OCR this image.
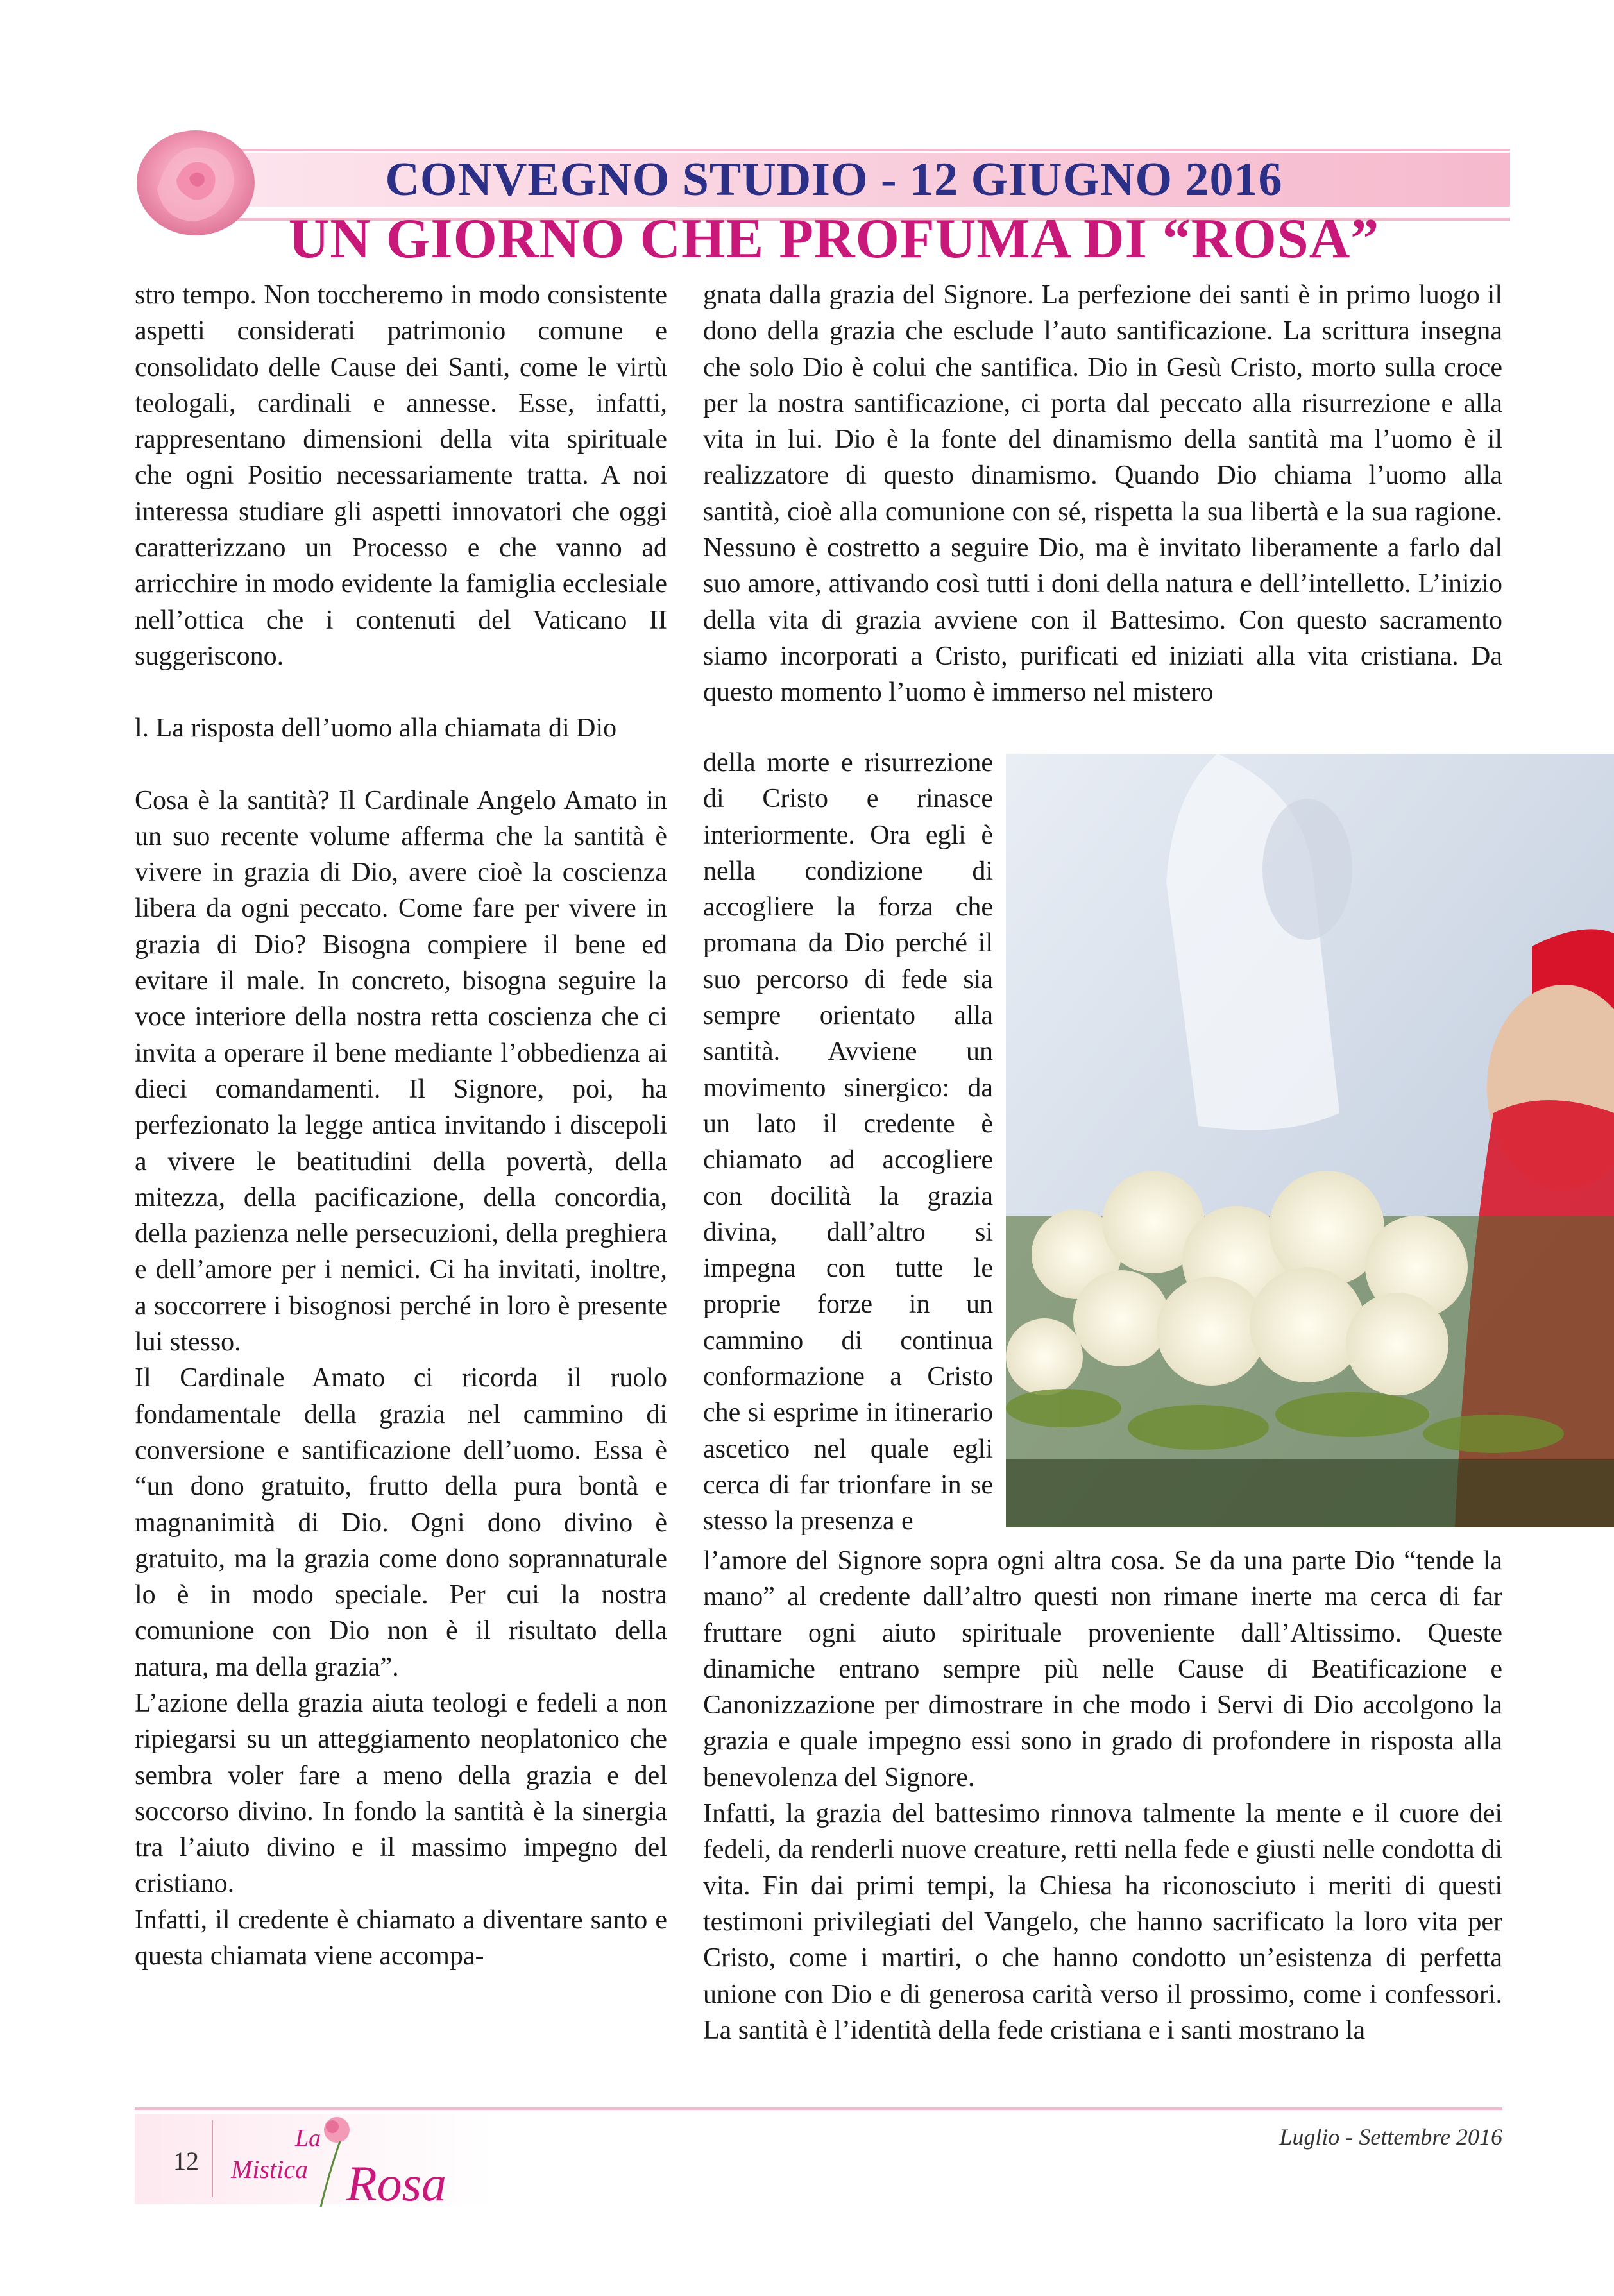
CONVEGNO STUDIO - 12 GIUGNO 2016
UN GIORNO CHE PROFUMA DI “ROSA”

stro tempo. Non toccheremo in modo consistente aspetti considerati patrimonio comune e consolidato delle Cause dei Santi, come le virtù teologali, cardinali e annesse. Esse, infatti, rappresentano dimensioni della vita spirituale che ogni Positio necessariamente tratta. A noi interessa studiare gli aspetti innovatori che oggi caratterizzano un Processo e che vanno ad arricchire in modo evidente la famiglia ecclesiale nell’ottica che i contenuti del Vaticano II suggeriscono.

l. La risposta dell’uomo alla chiamata di Dio

Cosa è la santità? Il Cardinale Angelo Amato in un suo recente volume afferma che la santità è vivere in grazia di Dio, avere cioè la coscienza libera da ogni peccato. Come fare per vivere in grazia di Dio? Bisogna compiere il bene ed evitare il male. In concreto, bisogna seguire la voce interiore della nostra retta coscienza che ci invita a operare il bene mediante l’obbedienza ai dieci comandamenti. Il Signore, poi, ha perfezionato la legge antica invitando i discepoli a vivere le beatitudini della povertà, della mitezza, della pacificazione, della concordia, della pazienza nelle persecuzioni, della preghiera e dell’amore per i nemici. Ci ha invitati, inoltre, a soccorrere i bisognosi perché in loro è presente lui stesso.

Il Cardinale Amato ci ricorda il ruolo fondamentale della grazia nel cammino di conversione e santificazione dell’uomo. Essa è “un dono gratuito, frutto della pura bontà e magnanimità di Dio. Ogni dono divino è gratuito, ma la grazia come dono soprannaturale lo è in modo speciale. Per cui la nostra comunione con Dio non è il risultato della natura, ma della grazia”.

L’azione della grazia aiuta teologi e fedeli a non ripiegarsi su un atteggiamento neoplatonico che sembra voler fare a meno della grazia e del soccorso divino. In fondo la santità è la sinergia tra l’aiuto divino e il massimo impegno del cristiano.

Infatti, il credente è chiamato a diventare santo e questa chiamata viene accompa-

gnata dalla grazia del Signore. La perfezione dei santi è in primo luogo il dono della grazia che esclude l’auto santificazione. La scrittura insegna che solo Dio è colui che santifica. Dio in Gesù Cristo, morto sulla croce per la nostra santificazione, ci porta dal peccato alla risurrezione e alla vita in lui. Dio è la fonte del dinamismo della santità ma l’uomo è il realizzatore di questo dinamismo. Quando Dio chiama l’uomo alla santità, cioè alla comunione con sé, rispetta la sua libertà e la sua ragione. Nessuno è costretto a seguire Dio, ma è invitato liberamente a farlo dal suo amore, attivando così tutti i doni della natura e dell’intelletto. L’inizio della vita di grazia avviene con il Battesimo. Con questo sacramento siamo incorporati a Cristo, purificati ed iniziati alla vita cristiana. Da questo momento l’uomo è immerso nel mistero

della morte e risurrezione di Cristo e rinasce interiormente. Ora egli è nella condizione di accogliere la forza che promana da Dio perché il suo percorso di fede sia sempre orientato alla santità. Avviene un movimento sinergico: da un lato il credente è chiamato ad accogliere con docilità la grazia divina, dall’altro si impegna con tutte le proprie forze in un cammino di continua conformazione a Cristo che si esprime in itinerario ascetico nel quale egli cerca di far trionfare in se stesso la presenza e

l’amore del Signore sopra ogni altra cosa. Se da una parte Dio “tende la mano” al credente dall’altro questi non rimane inerte ma cerca di far fruttare ogni aiuto spirituale proveniente dall’Altissimo. Queste dinamiche entrano sempre più nelle Cause di Beatificazione e Canonizzazione per dimostrare in che modo i Servi di Dio accolgono la grazia e quale impegno essi sono in grado di profondere in risposta alla benevolenza del Signore.

Infatti, la grazia del battesimo rinnova talmente la mente e il cuore dei fedeli, da renderli nuove creature, retti nella fede e giusti nelle condotta di vita. Fin dai primi tempi, la Chiesa ha riconosciuto i meriti di questi testimoni privilegiati del Vangelo, che hanno sacrificato la loro vita per Cristo, come i martiri, o che hanno condotto un’esistenza di perfetta unione con Dio e di generosa carità verso il prossimo, come i confessori. La santità è l’identità della fede cristiana e i santi mostrano la

12
La
Mistica Rosa
Luglio - Settembre 2016
